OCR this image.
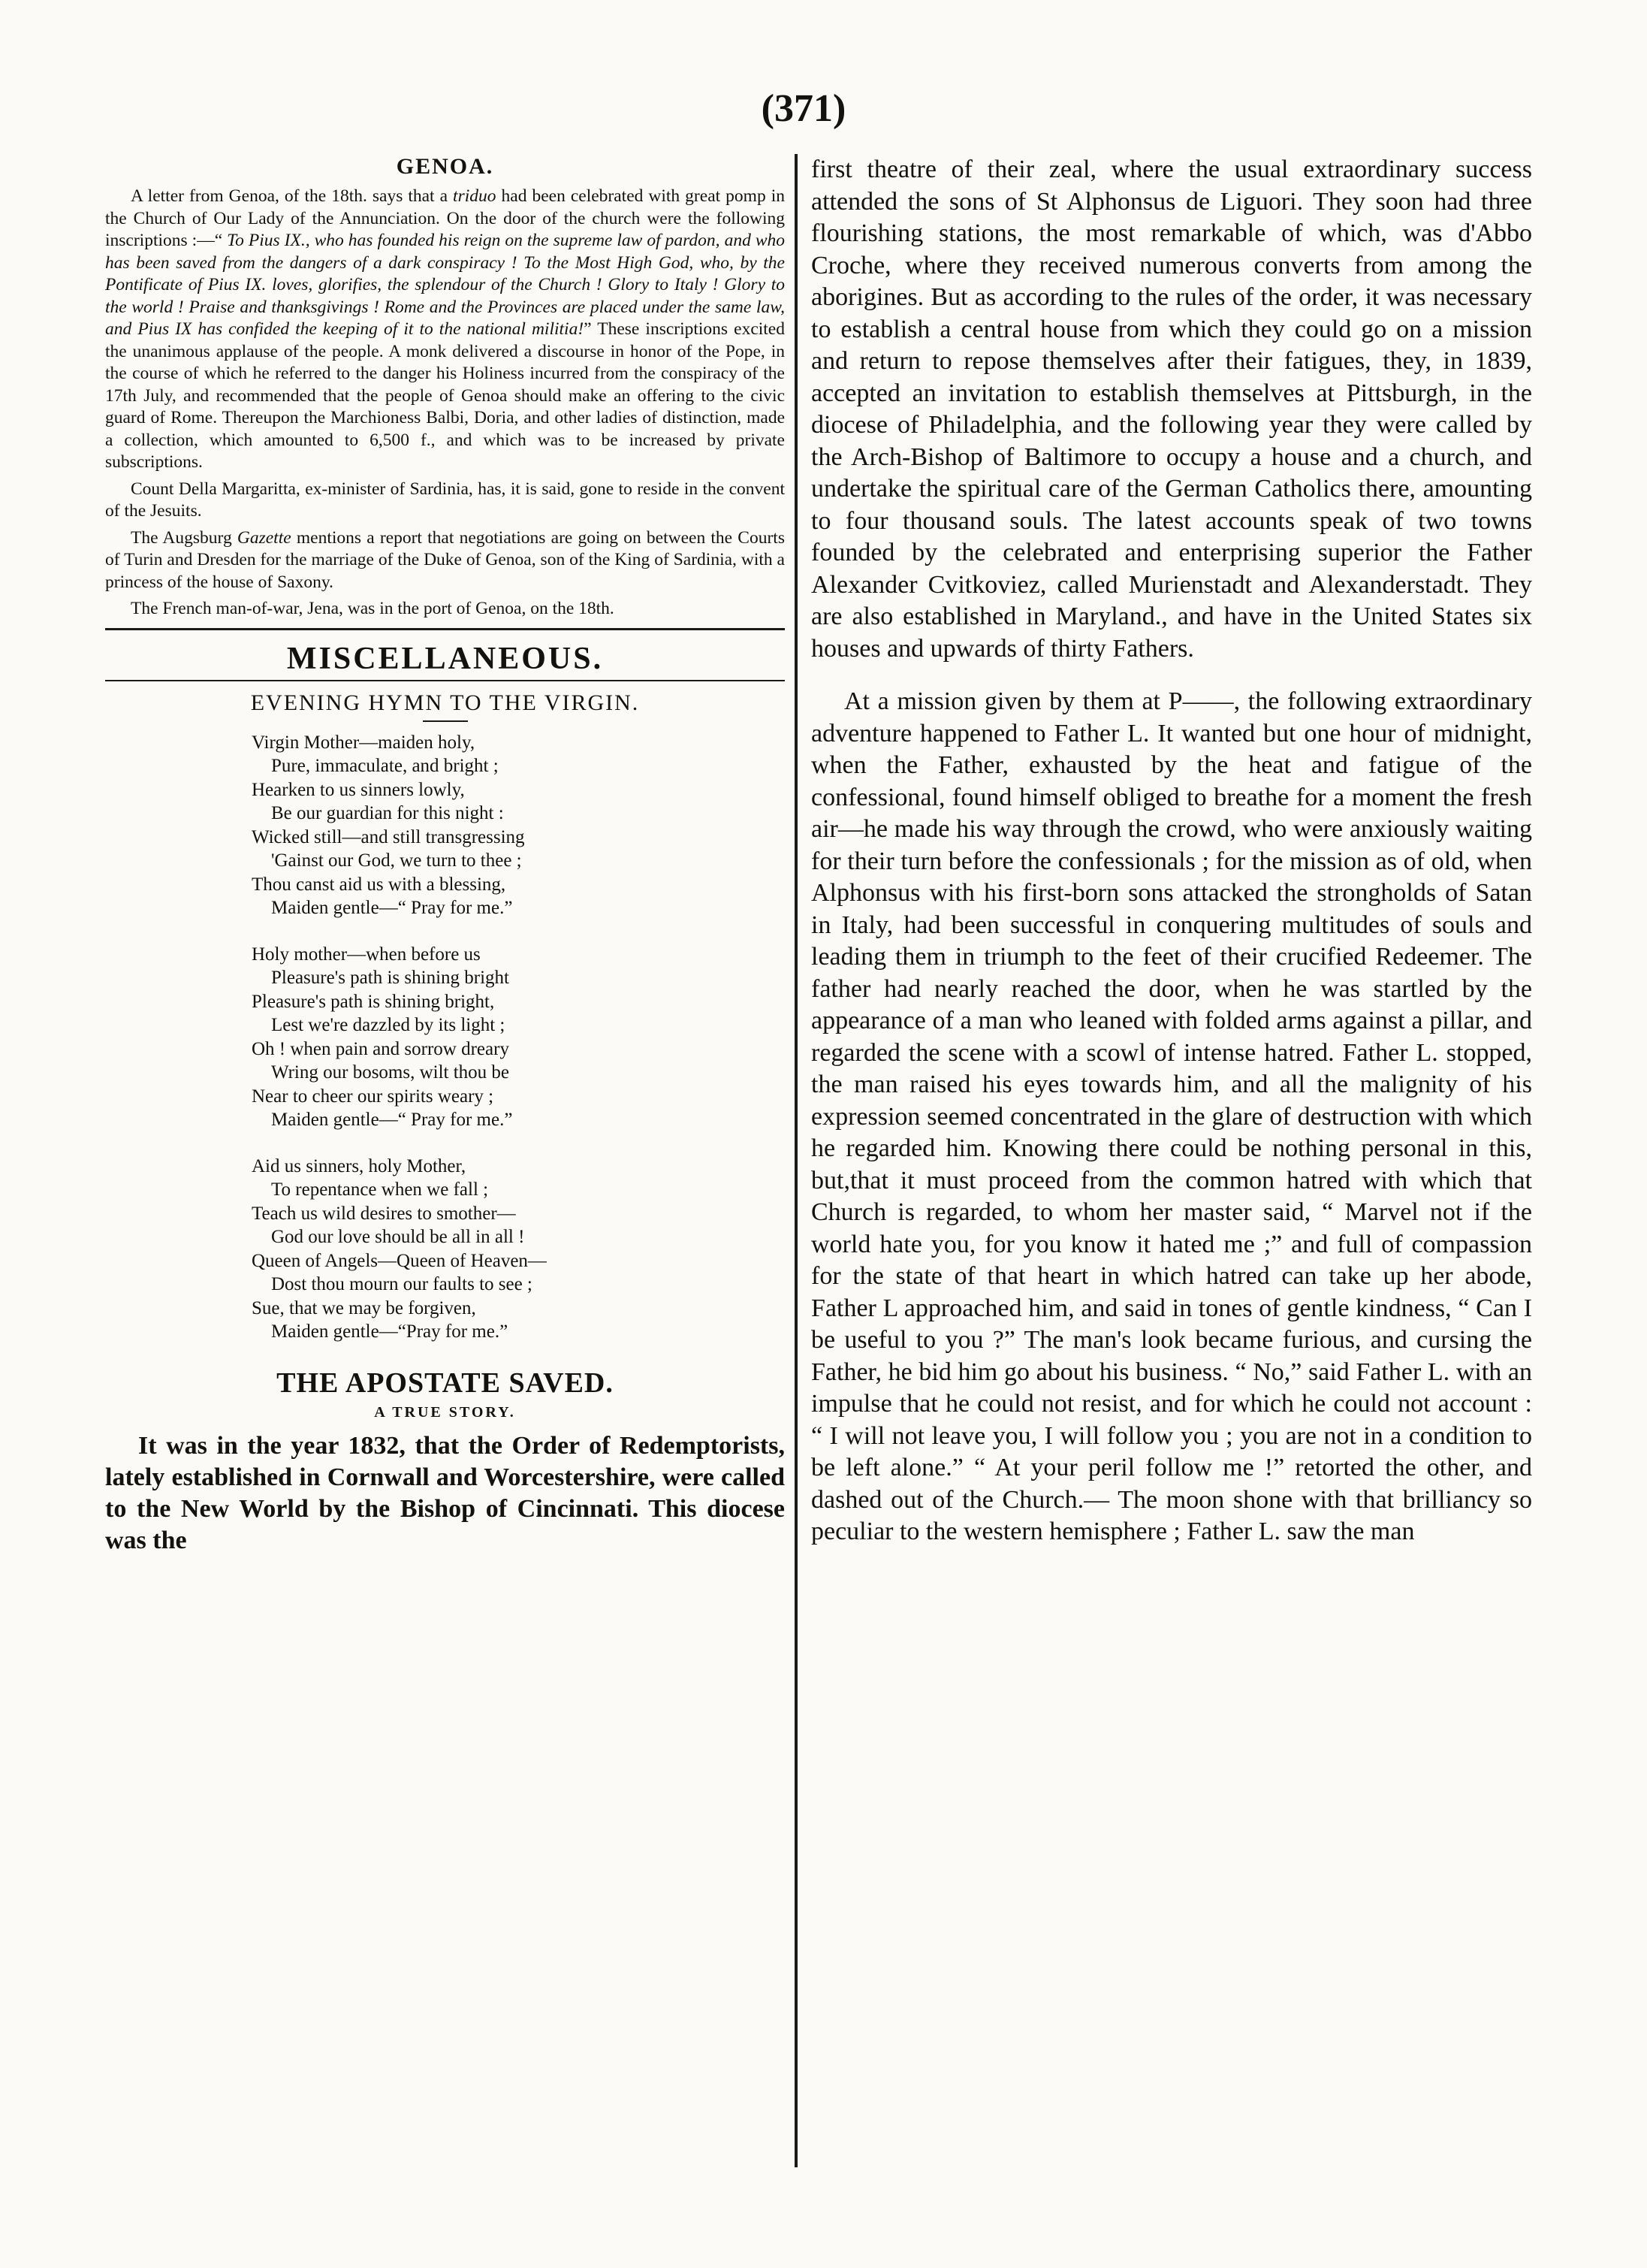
(371)
GENOA.

A letter from Genoa, of the 18th. says that a triduo had been celebrated with great pomp in the Church of Our Lady of the Annunciation. On the door of the church were the following inscriptions :—“ To Pius IX., who has founded his reign on the supreme law of pardon, and who has been saved from the dangers of a dark conspiracy ! To the Most High God, who, by the Pontificate of Pius IX. loves, glorifies, the splendour of the Church ! Glory to Italy ! Glory to the world ! Praise and thanksgivings ! Rome and the Provinces are placed under the same law, and Pius IX has confided the keeping of it to the national militia!” These inscriptions excited the unanimous applause of the people. A monk delivered a discourse in honor of the Pope, in the course of which he referred to the danger his Holiness incurred from the conspiracy of the 17th July, and recommended that the people of Genoa should make an offering to the civic guard of Rome. Thereupon the Marchioness Balbi, Doria, and other ladies of distinction, made a collection, which amounted to 6,500 f., and which was to be increased by private subscriptions.

Count Della Margaritta, ex-minister of Sardinia, has, it is said, gone to reside in the convent of the Jesuits.

The Augsburg Gazette mentions a report that negotiations are going on between the Courts of Turin and Dresden for the marriage of the Duke of Genoa, son of the King of Sardinia, with a princess of the house of Saxony.

The French man-of-war, Jena, was in the port of Genoa, on the 18th.

MISCELLANEOUS.
EVENING HYMN TO THE VIRGIN.
Virgin Mother—maiden holy,
Pure, immaculate, and bright ;
Hearken to us sinners lowly,
Be our guardian for this night :
Wicked still—and still transgressing
'Gainst our God, we turn to thee ;
Thou canst aid us with a blessing,
Maiden gentle—“ Pray for me.”
Holy mother—when before us
Pleasure's path is shining bright
Pleasure's path is shining bright,
Lest we're dazzled by its light ;
Oh ! when pain and sorrow dreary
Wring our bosoms, wilt thou be
Near to cheer our spirits weary ;
Maiden gentle—“ Pray for me.”
Aid us sinners, holy Mother,
To repentance when we fall ;
Teach us wild desires to smother—
God our love should be all in all !
Queen of Angels—Queen of Heaven—
Dost thou mourn our faults to see ;
Sue, that we may be forgiven,
Maiden gentle—“Pray for me.”
THE APOSTATE SAVED.
A TRUE STORY.

It was in the year 1832, that the Order of Redemptorists, lately established in Cornwall and Worcestershire, were called to the New World by the Bishop of Cincinnati. This diocese was the

first theatre of their zeal, where the usual extraordinary success attended the sons of St Alphonsus de Liguori. They soon had three flourishing stations, the most remarkable of which, was d'Abbo Croche, where they received numerous converts from among the aborigines. But as according to the rules of the order, it was necessary to establish a central house from which they could go on a mission and return to repose themselves after their fatigues, they, in 1839, accepted an invitation to establish themselves at Pittsburgh, in the diocese of Philadelphia, and the following year they were called by the Arch-Bishop of Baltimore to occupy a house and a church, and undertake the spiritual care of the German Catholics there, amounting to four thousand souls. The latest accounts speak of two towns founded by the celebrated and enterprising superior the Father Alexander Cvitkoviez, called Murienstadt and Alexanderstadt. They are also established in Maryland., and have in the United States six houses and upwards of thirty Fathers.

At a mission given by them at P——, the following extraordinary adventure happened to Father L. It wanted but one hour of midnight, when the Father, exhausted by the heat and fatigue of the confessional, found himself obliged to breathe for a moment the fresh air—he made his way through the crowd, who were anxiously waiting for their turn before the confessionals ; for the mission as of old, when Alphonsus with his first-born sons attacked the strongholds of Satan in Italy, had been successful in conquering multitudes of souls and leading them in triumph to the feet of their crucified Redeemer. The father had nearly reached the door, when he was startled by the appearance of a man who leaned with folded arms against a pillar, and regarded the scene with a scowl of intense hatred. Father L. stopped, the man raised his eyes towards him, and all the malignity of his expression seemed concentrated in the glare of destruction with which he regarded him. Knowing there could be nothing personal in this, but,that it must proceed from the common hatred with which that Church is regarded, to whom her master said, “ Marvel not if the world hate you, for you know it hated me ;” and full of compassion for the state of that heart in which hatred can take up her abode, Father L approached him, and said in tones of gentle kindness, “ Can I be useful to you ?” The man's look became furious, and cursing the Father, he bid him go about his business. “ No,” said Father L. with an impulse that he could not resist, and for which he could not account : “ I will not leave you, I will follow you ; you are not in a condition to be left alone.” “ At your peril follow me !” retorted the other, and dashed out of the Church.— The moon shone with that brilliancy so peculiar to the western hemisphere ; Father L. saw the man
